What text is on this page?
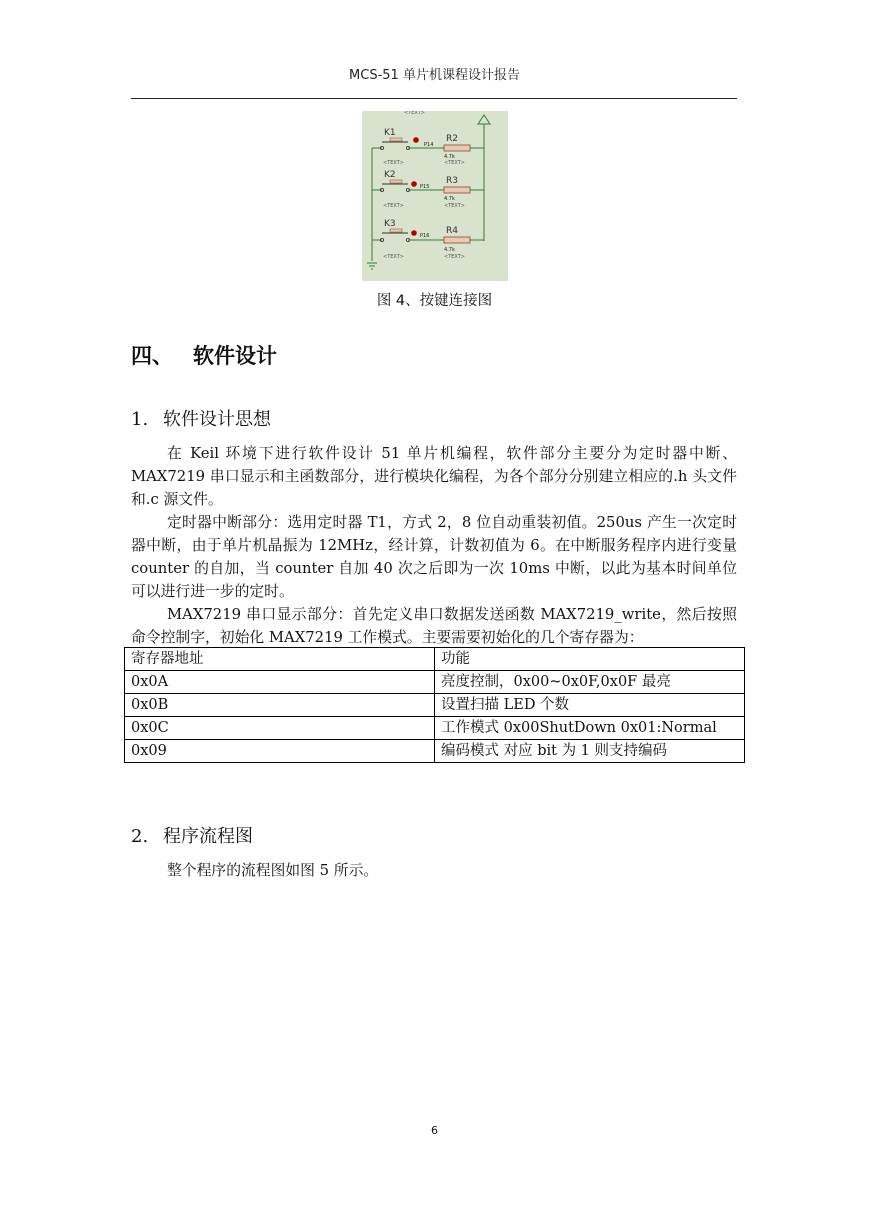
MCS-51 单片机课程设计报告
<TEXT>
K1
P14
R2
4.7k
<TEXT>	<TEXT>
K2
P15
R3
4.7k
<TEXT>	<TEXT>
K3
P16 R4
4.7k
<TEXT>	<TEXT>
图 4、按键连接图
四、 软件设计
1. 软件设计思想

在 Keil 环境下进行软件设计 51 单片机编程，软件部分主要分为定时器中断、MAX7219 串口显示和主函数部分，进行模块化编程，为各个部分分别建立相应的.h 头文件和.c 源文件。

定时器中断部分：选用定时器 T1，方式 2，8 位自动重装初值。250us 产生一次定时器中断，由于单片机晶振为 12MHz，经计算，计数初值为 6。在中断服务程序内进行变量 counter 的自加，当 counter 自加 40 次之后即为一次 10ms 中断，以此为基本时间单位可以进行进一步的定时。

MAX7219 串口显示部分：首先定义串口数据发送函数 MAX7219_write，然后按照命令控制字，初始化 MAX7219 工作模式。主要需要初始化的几个寄存器为：

寄存器地址	功能
0x0A	亮度控制，0x00~0x0F,0x0F 最亮
0x0B	设置扫描 LED 个数
0x0C	工作模式 0x00ShutDown 0x01:Normal
0x09	编码模式 对应 bit 为 1 则支持编码
2. 程序流程图

整个程序的流程图如图 5 所示。

6
